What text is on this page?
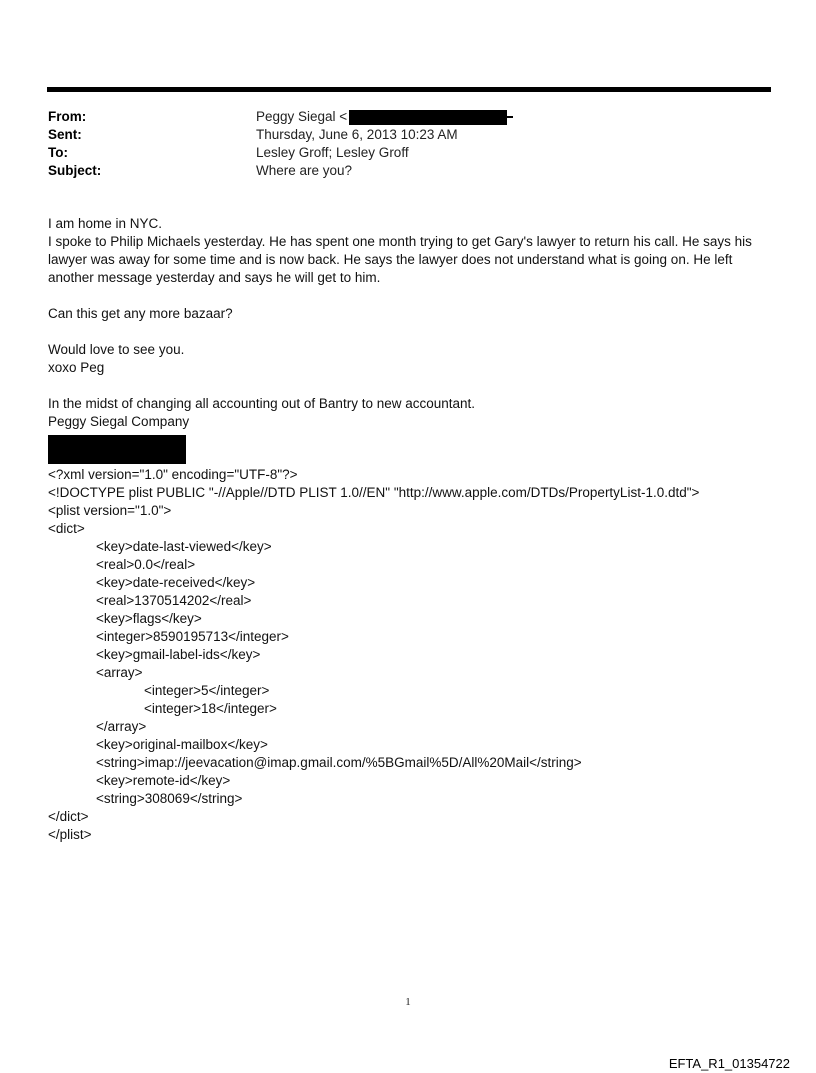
From:	Peggy Siegal <
Sent:	Thursday, June 6, 2013 10:23 AM
To:	Lesley Groff; Lesley Groff
Subject:	Where are you?
I am home in NYC.
I spoke to Philip Michaels yesterday. He has spent one month trying to get Gary's lawyer to return his call. He says his
lawyer was away for some time and is now back. He says the lawyer does not understand what is going on. He left
another message yesterday and says he will get to him.
Can this get any more bazaar?
Would love to see you.
xoxo Peg
In the midst of changing all accounting out of Bantry to new accountant.
Peggy Siegal Company
<?xml version="1.0" encoding="UTF-8"?>
<!DOCTYPE plist PUBLIC "-//Apple//DTD PLIST 1.0//EN" "http://www.apple.com/DTDs/PropertyList-1.0.dtd">
<plist version="1.0">
<dict>
<key>date-last-viewed</key>
<real>0.0</real>
<key>date-received</key>
<real>1370514202</real>
<key>flags</key>
<integer>8590195713</integer>
<key>gmail-label-ids</key>
<array>
<integer>5</integer>
<integer>18</integer>
</array>
<key>original-mailbox</key>
<string>imap://jeevacation@imap.gmail.com/%5BGmail%5D/All%20Mail</string>
<key>remote-id</key>
<string>308069</string>
</dict>
</plist>
1
EFTA_R1_01354722
